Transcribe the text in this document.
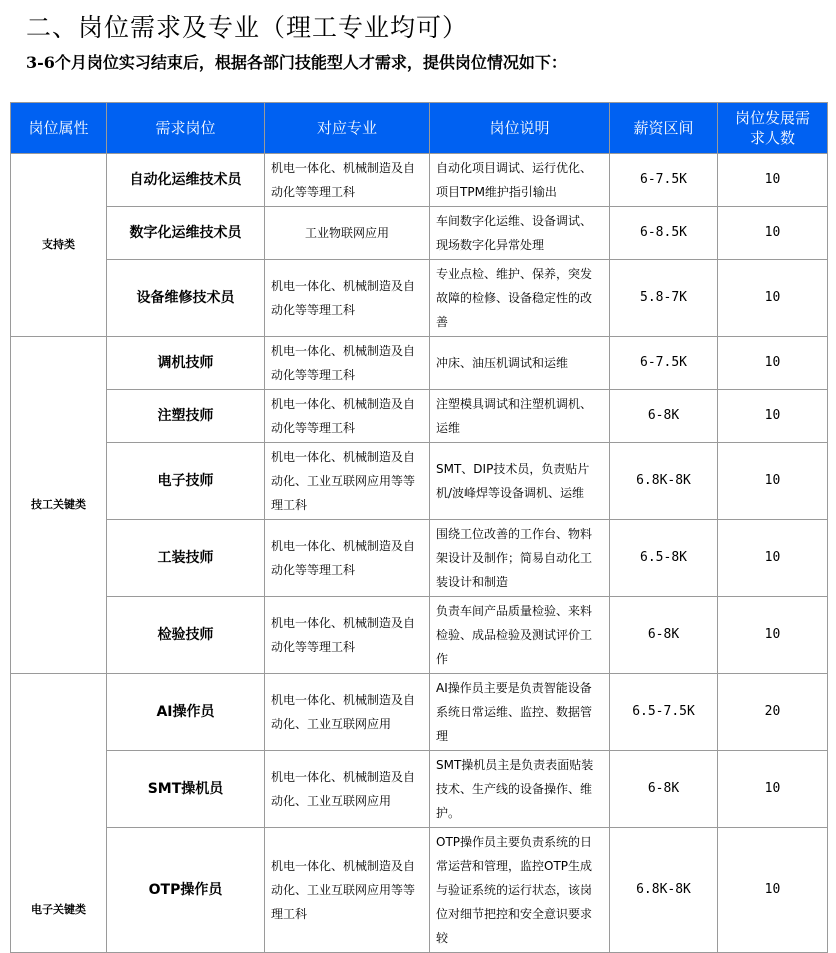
二、岗位需求及专业（理工专业均可）
3-6个月岗位实习结束后，根据各部门技能型人才需求，提供岗位情况如下：
岗位属性	需求岗位	对应专业	岗位说明	薪资区间	岗位发展需求人数
支持类	自动化运维技术员	机电一体化、机械制造及自动化等等理工科	自动化项目调试、运行优化、项目TPM维护指引输出	6-7.5K	10
	数字化运维技术员	工业物联网应用	车间数字化运维、设备调试、现场数字化异常处理	6-8.5K	10
	设备维修技术员	机电一体化、机械制造及自动化等等理工科	专业点检、维护、保养，突发故障的检修、设备稳定性的改善	5.8-7K	10
技工关键类	调机技师	机电一体化、机械制造及自动化等等理工科	冲床、油压机调试和运维	6-7.5K	10
	注塑技师	机电一体化、机械制造及自动化等等理工科	注塑模具调试和注塑机调机、运维	6-8K	10
	电子技师	机电一体化、机械制造及自动化、工业互联网应用等等理工科	SMT、DIP技术员，负责贴片机/波峰焊等设备调机、运维	6.8K-8K	10
	工装技师	机电一体化、机械制造及自动化等等理工科	围绕工位改善的工作台、物料架设计及制作；简易自动化工装设计和制造	6.5-8K	10
	检验技师	机电一体化、机械制造及自动化等等理工科	负责车间产品质量检验、来料检验、成品检验及测试评价工作	6-8K	10
电子关键类	AI操作员	机电一体化、机械制造及自动化、工业互联网应用	AI操作员主要是负责智能设备系统日常运维、监控、数据管理	6.5-7.5K	20
	SMT操机员	机电一体化、机械制造及自动化、工业互联网应用	SMT操机员主是负责表面贴装技术、生产线的设备操作、维护。	6-8K	10
	OTP操作员	机电一体化、机械制造及自动化、工业互联网应用等等理工科	OTP操作员主要负责系统的日常运营和管理，监控OTP生成与验证系统的运行状态，该岗位对细节把控和安全意识要求较	6.8K-8K	10
